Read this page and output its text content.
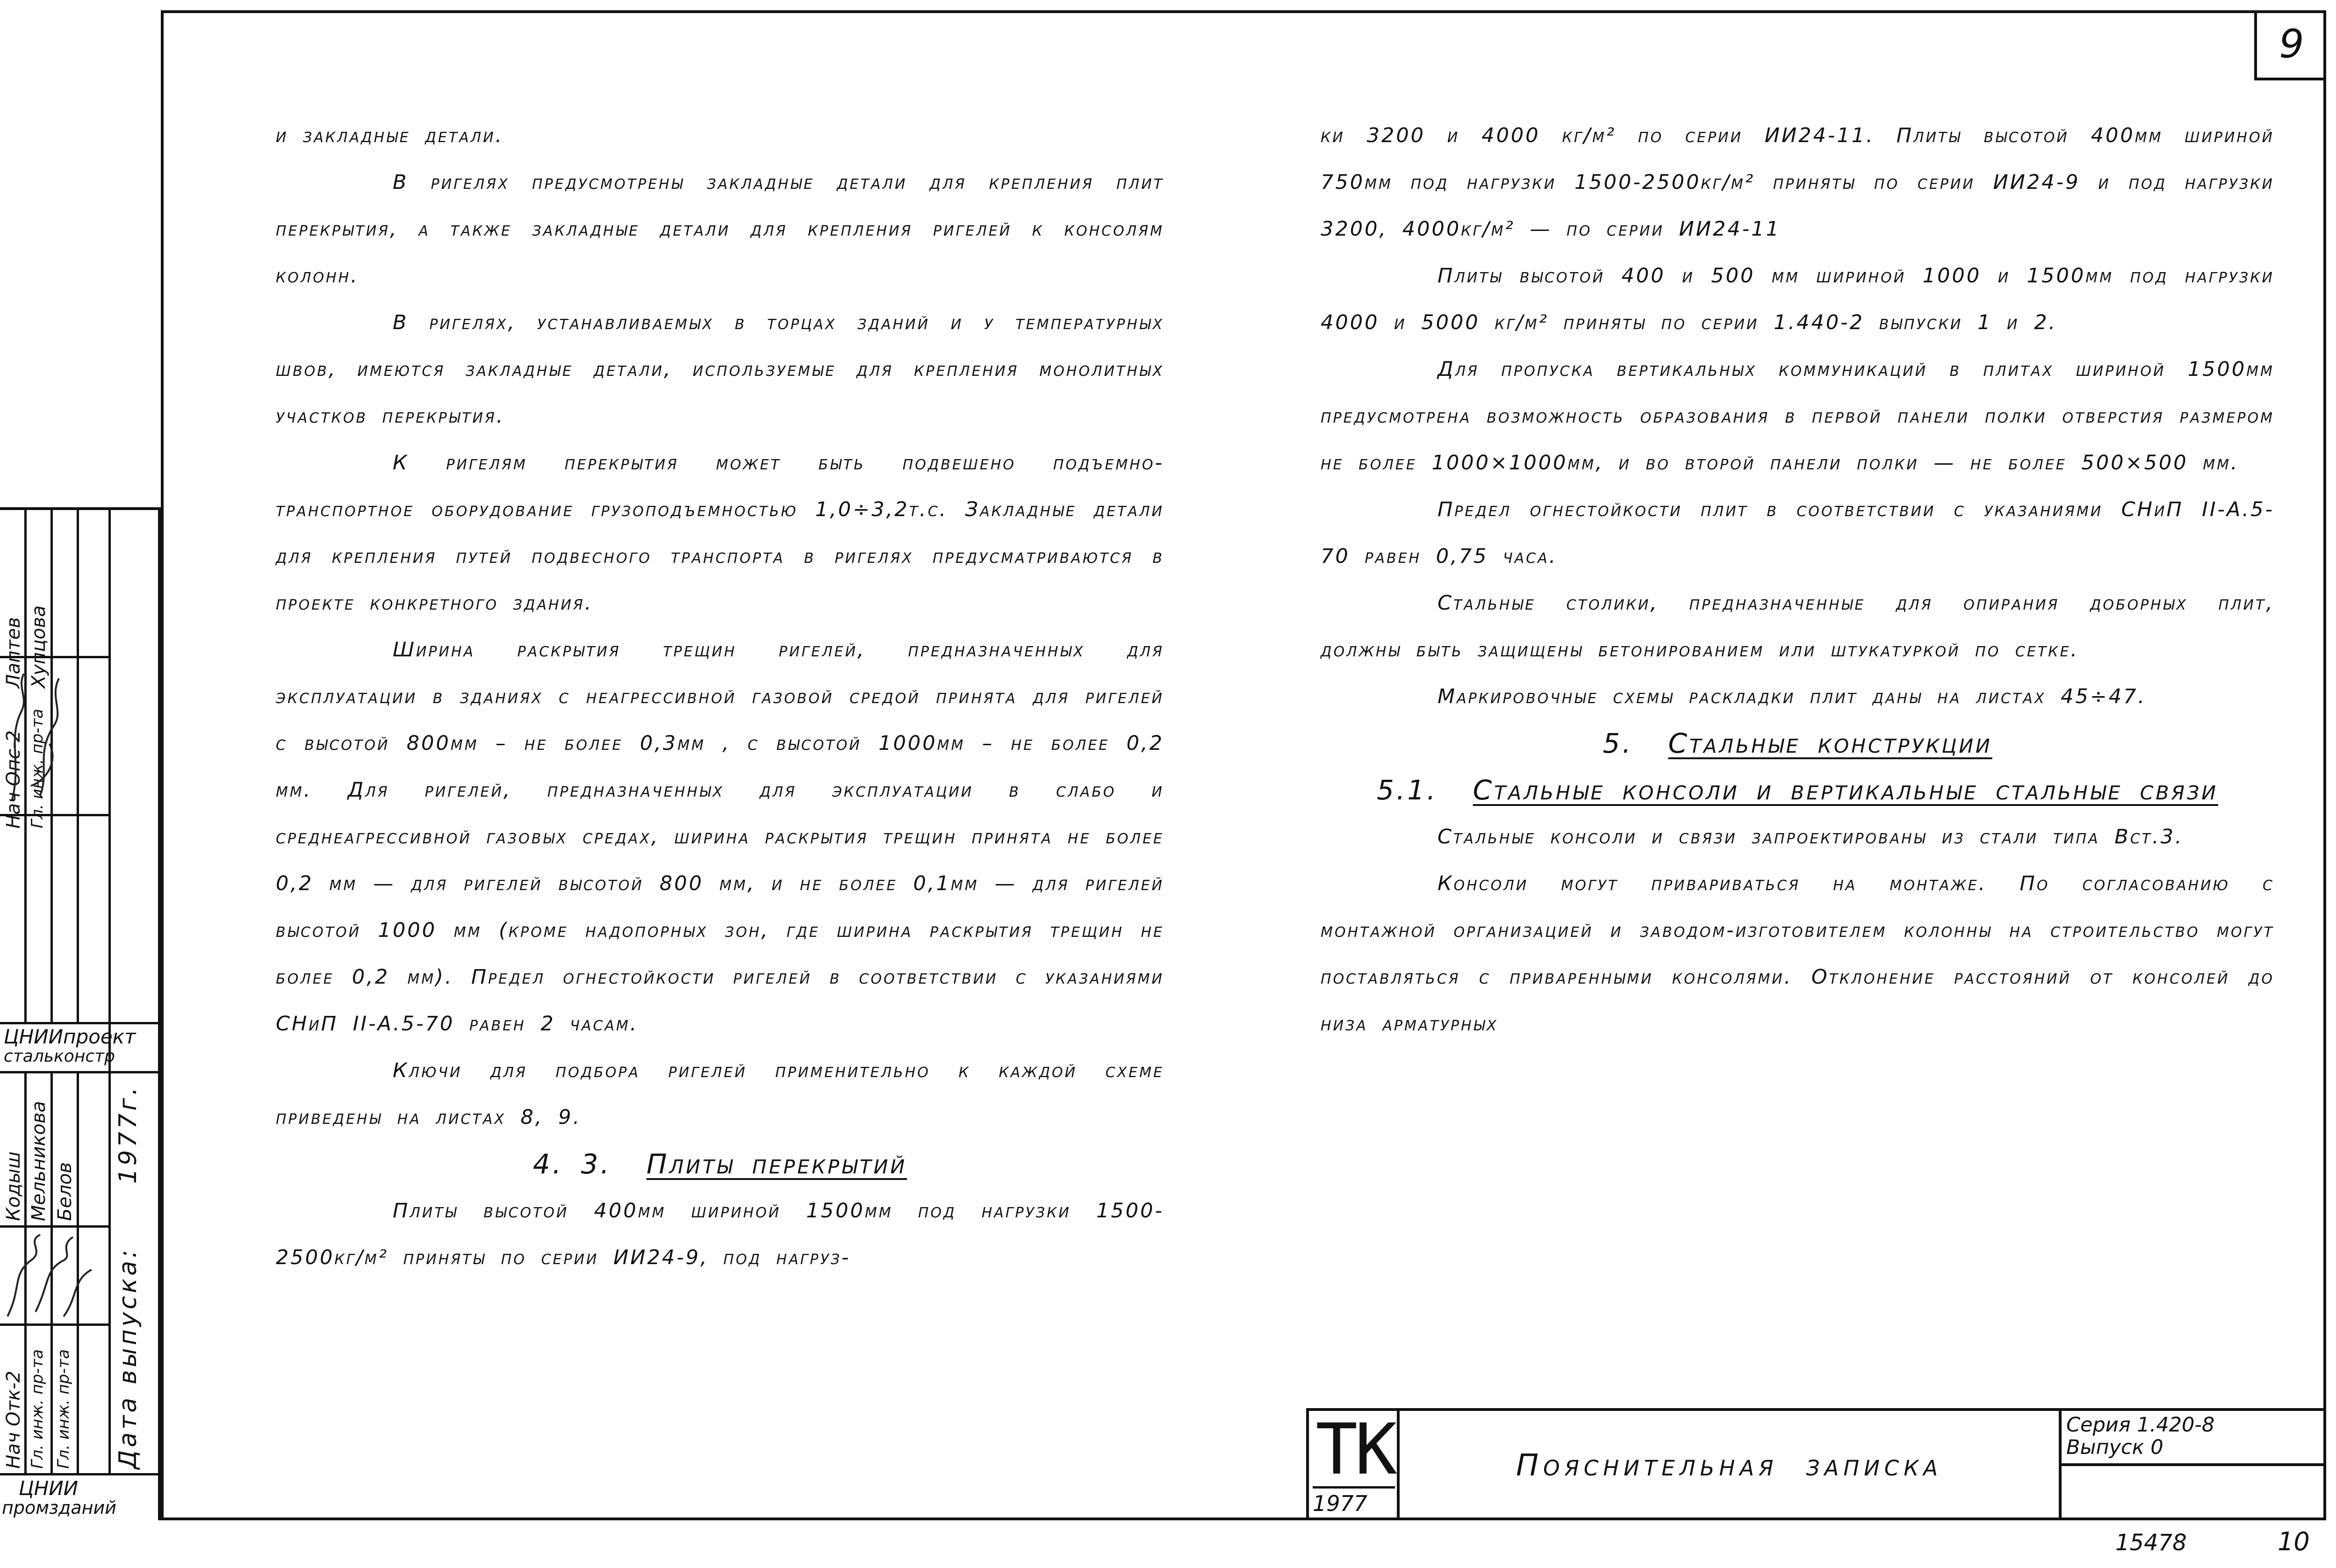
9

и закладные детали.

В ригелях предусмотрены закладные детали для крепления плит перекрытия, а также закладные детали для крепления ригелей к консолям колонн.

В ригелях, устанавливаемых в торцах зданий и у температурных швов, имеются закладные детали, используемые для крепления монолитных участков перекрытия.

К ригелям перекрытия может быть подвешено подъемно-транспортное оборудование грузоподъемностью 1,0÷3,2т.с. Закладные детали для крепления путей подвесного транспорта в ригелях предусматриваются в проекте конкретного здания.

Ширина раскрытия трещин ригелей, предназначенных для эксплуатации в зданиях с неагрессивной газовой средой принята для ригелей с высотой 800мм – не более 0,3мм , с высотой 1000мм – не более 0,2 мм. Для ригелей, предназначенных для эксплуатации в слабо и среднеагрессивной газовых средах, ширина раскрытия трещин принята не более 0,2 мм — для ригелей высотой 800 мм, и не более 0,1мм — для ригелей высотой 1000 мм (кроме надопорных зон, где ширина раскрытия трещин не более 0,2 мм). Предел огнестойкости ригелей в соответствии с указаниями СНиП II-А.5-70 равен 2 часам.

Ключи для подбора ригелей применительно к каждой схеме приведены на листах 8, 9.

4. 3. Плиты перекрытий

Плиты высотой 400мм шириной 1500мм под нагрузки 1500-2500кг/м² приняты по серии ИИ24-9, под нагруз-

ки 3200 и 4000 кг/м² по серии ИИ24-11. Плиты высотой 400мм шириной 750мм под нагрузки 1500-2500кг/м² приняты по серии ИИ24-9 и под нагрузки 3200, 4000кг/м² — по серии ИИ24-11

Плиты высотой 400 и 500 мм шириной 1000 и 1500мм под нагрузки 4000 и 5000 кг/м² приняты по серии 1.440-2 выпуски 1 и 2.

Для пропуска вертикальных коммуникаций в плитах шириной 1500мм предусмотрена возможность образования в первой панели полки отверстия размером не более 1000×1000мм, и во второй панели полки — не более 500×500 мм.

Предел огнестойкости плит в соответствии с указаниями СНиП II-А.5-70 равен 0,75 часа.

Стальные столики, предназначенные для опирания доборных плит, должны быть защищены бетонированием или штукатуркой по сетке.

Маркировочные схемы раскладки плит даны на листах 45÷47.

5. Стальные конструкции
5.1. Стальные консоли и вертикальные стальные связи

Стальные консоли и связи запроектированы из стали типа Вст.3.

Консоли могут привариваться на монтаже. По согласованию с монтажной организацией и заводом-изготовителем колонны на строительство могут поставляться с приваренными консолями. Отклонение расстояний от консолей до низа арматурных

ТК
1977
Пояснительная записка
Серия 1.420-8
Выпуск 0
Нач Опс-2 Гл. инж. пр-та
Лаптев Хупцова
ЦНИИпроект
стальконстр
Нач Отк-2 Гл. инж. пр-та Гл. инж. пр-та
Кодыш Мельникова Белов
Дата выпуска:      1977г.
ЦНИИ
промзданий
15478	10
